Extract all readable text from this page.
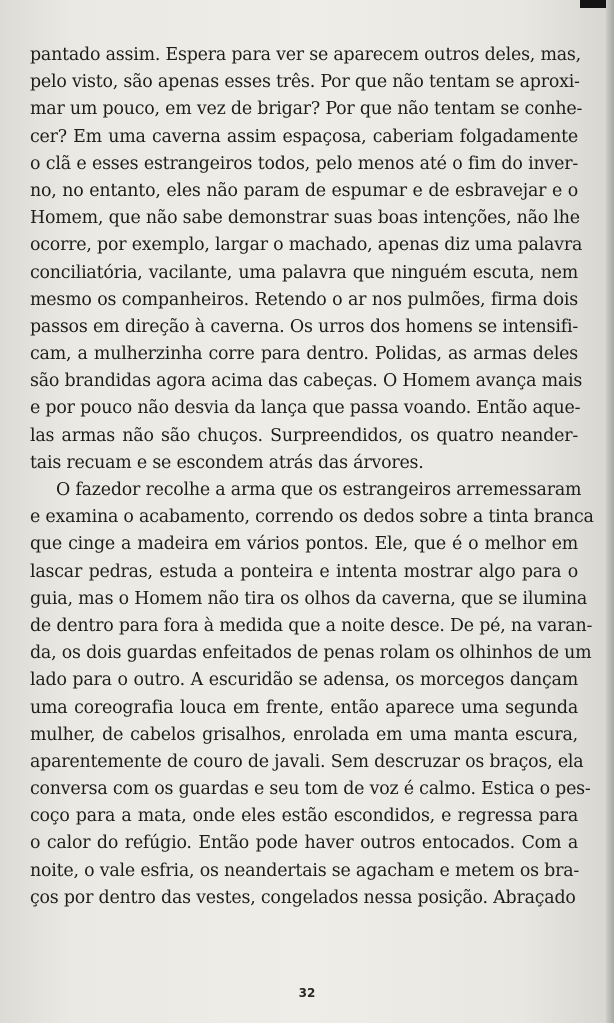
pantado assim. Espera para ver se aparecem outros deles, mas,
pelo visto, são apenas esses três. Por que não tentam se aproxi-
mar um pouco, em vez de brigar? Por que não tentam se conhe-
cer? Em uma caverna assim espaçosa, caberiam folgadamente
o clã e esses estrangeiros todos, pelo menos até o fim do inver-
no, no entanto, eles não param de espumar e de esbravejar e o
Homem, que não sabe demonstrar suas boas intenções, não lhe
ocorre, por exemplo, largar o machado, apenas diz uma palavra
conciliatória, vacilante, uma palavra que ninguém escuta, nem
mesmo os companheiros. Retendo o ar nos pulmões, firma dois
passos em direção à caverna. Os urros dos homens se intensifi-
cam, a mulherzinha corre para dentro. Polidas, as armas deles
são brandidas agora acima das cabeças. O Homem avança mais
e por pouco não desvia da lança que passa voando. Então aque-
las armas não são chuços. Surpreendidos, os quatro neander-
tais recuam e se escondem atrás das árvores.
O fazedor recolhe a arma que os estrangeiros arremessaram
e examina o acabamento, correndo os dedos sobre a tinta branca
que cinge a madeira em vários pontos. Ele, que é o melhor em
lascar pedras, estuda a ponteira e intenta mostrar algo para o
guia, mas o Homem não tira os olhos da caverna, que se ilumina
de dentro para fora à medida que a noite desce. De pé, na varan-
da, os dois guardas enfeitados de penas rolam os olhinhos de um
lado para o outro. A escuridão se adensa, os morcegos dançam
uma coreografia louca em frente, então aparece uma segunda
mulher, de cabelos grisalhos, enrolada em uma manta escura,
aparentemente de couro de javali. Sem descruzar os braços, ela
conversa com os guardas e seu tom de voz é calmo. Estica o pes-
coço para a mata, onde eles estão escondidos, e regressa para
o calor do refúgio. Então pode haver outros entocados. Com a
noite, o vale esfria, os neandertais se agacham e metem os bra-
ços por dentro das vestes, congelados nessa posição. Abraçado
32
